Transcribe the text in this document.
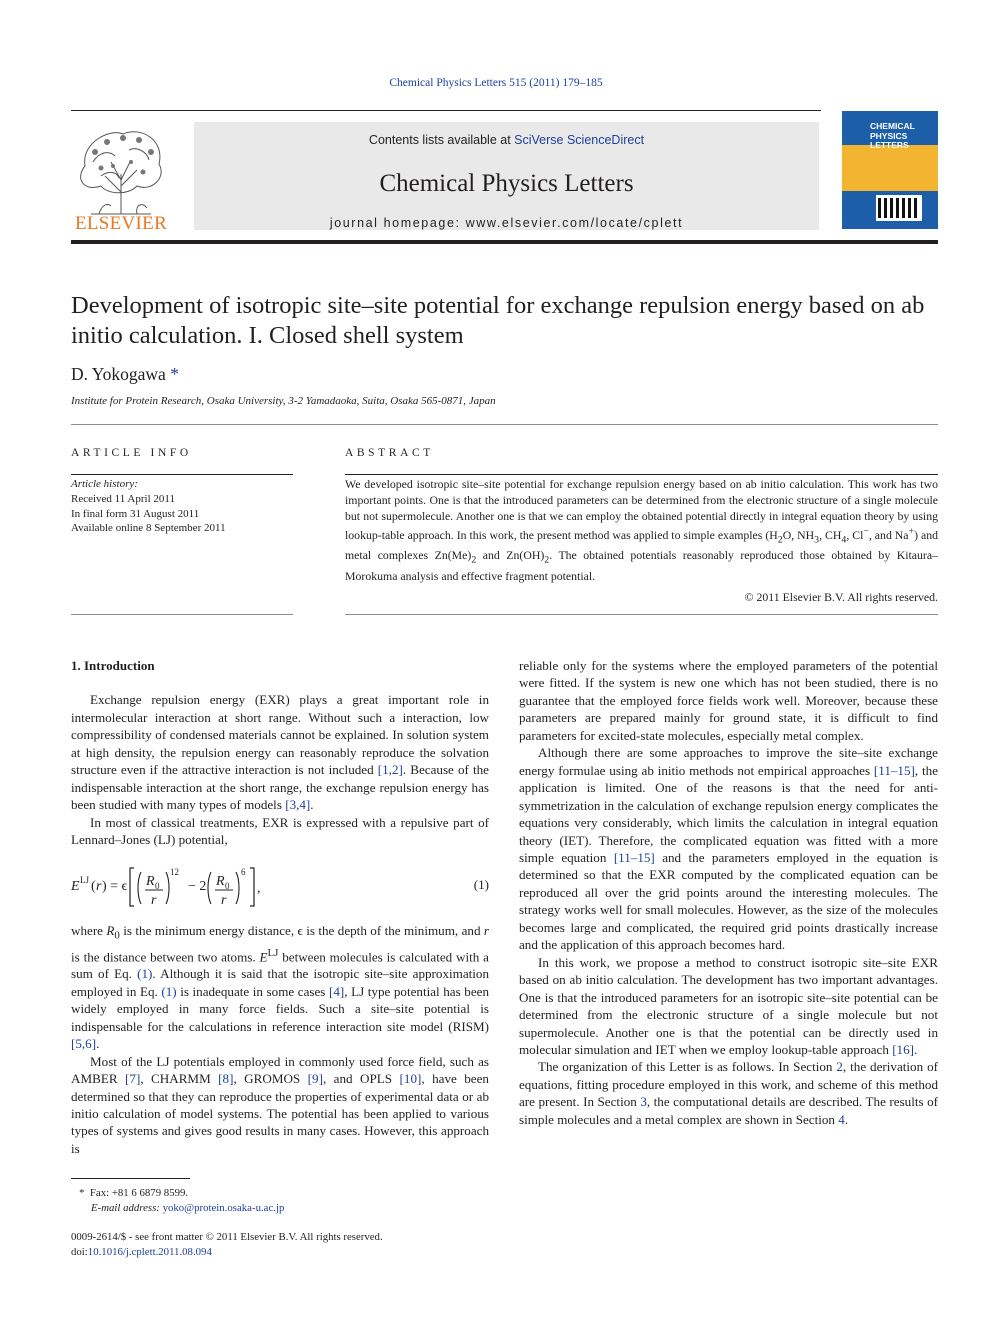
Chemical Physics Letters 515 (2011) 179–185
ELSEVIER
Contents lists available at SciVerse ScienceDirect
Chemical Physics Letters
journal homepage: www.elsevier.com/locate/cplett
CHEMICAL
PHYSICS
LETTERS
Development of isotropic site–site potential for exchange repulsion energy based on ab initio calculation. I. Closed shell system
D. Yokogawa *
Institute for Protein Research, Osaka University, 3-2 Yamadaoka, Suita, Osaka 565-0871, Japan
ARTICLE INFO
Article history:
Received 11 April 2011
In final form 31 August 2011
Available online 8 September 2011
ABSTRACT
We developed isotropic site–site potential for exchange repulsion energy based on ab initio calculation. This work has two important points. One is that the introduced parameters can be determined from the electronic structure of a single molecule but not supermolecule. Another one is that we can employ the obtained potential directly in integral equation theory by using lookup-table approach. In this work, the present method was applied to simple examples ($H_2O$, $NH_3$, $CH_4$, Cl−, and Na+) and metal complexes $Zn(Me)_2$ and $Zn(OH)_2$. The obtained potentials reasonably reproduced those obtained by Kitaura–Morokuma analysis and effective fragment potential.
© 2011 Elsevier B.V. All rights reserved.

1. Introduction

Exchange repulsion energy (EXR) plays a great important role in intermolecular interaction at short range. Without such a interaction, low compressibility of condensed materials cannot be explained. In solution system at high density, the repulsion energy can reasonably reproduce the solvation structure even if the attractive interaction is not included [1,2]. Because of the indispensable interaction at the short range, the exchange repulsion energy has been studied with many types of models [3,4].

In most of classical treatments, EXR is expressed with a repulsive part of Lennard–Jones (LJ) potential,

E LJ ( r ) = ϵ R 0
r
12
− 2 R 0
r
6
,	(1)

where $R_0$ is the minimum energy distance, ϵ is the depth of the minimum, and r is the distance between two atoms. $E^{LJ}$ between molecules is calculated with a sum of Eq. (1). Although it is said that the isotropic site–site approximation employed in Eq. (1) is inadequate in some cases [4], LJ type potential has been widely employed in many force fields. Such a site–site potential is indispensable for the calculations in reference interaction site model (RISM) [5,6].

Most of the LJ potentials employed in commonly used force field, such as AMBER [7], CHARMM [8], GROMOS [9], and OPLS [10], have been determined so that they can reproduce the properties of experimental data or ab initio calculation of model systems. The potential has been applied to various types of systems and gives good results in many cases. However, this approach is

reliable only for the systems where the employed parameters of the potential were fitted. If the system is new one which has not been studied, there is no guarantee that the employed force fields work well. Moreover, because these parameters are prepared mainly for ground state, it is difficult to find parameters for excited-state molecules, especially metal complex.

Although there are some approaches to improve the site–site exchange energy formulae using ab initio methods not empirical approaches [11–15], the application is limited. One of the reasons is that the need for anti-symmetrization in the calculation of exchange repulsion energy complicates the equations very considerably, which limits the calculation in integral equation theory (IET). Therefore, the complicated equation was fitted with a more simple equation [11–15] and the parameters employed in the equation is determined so that the EXR computed by the complicated equation can be reproduced all over the grid points around the interesting molecules. The strategy works well for small molecules. However, as the size of the molecules becomes large and complicated, the required grid points drastically increase and the application of this approach becomes hard.

In this work, we propose a method to construct isotropic site–site EXR based on ab initio calculation. The development has two important advantages. One is that the introduced parameters for an isotropic site–site potential can be determined from the electronic structure of a single molecule but not supermolecule. Another one is that the potential can be directly used in molecular simulation and IET when we employ lookup-table approach [16].

The organization of this Letter is as follows. In Section 2, the derivation of equations, fitting procedure employed in this work, and scheme of this method are present. In Section 3, the computational details are described. The results of simple molecules and a metal complex are shown in Section 4.

* Fax: +81 6 6879 8599.
E-mail address: yoko@protein.osaka-u.ac.jp
0009-2614/$ - see front matter © 2011 Elsevier B.V. All rights reserved.
doi:10.1016/j.cplett.2011.08.094
